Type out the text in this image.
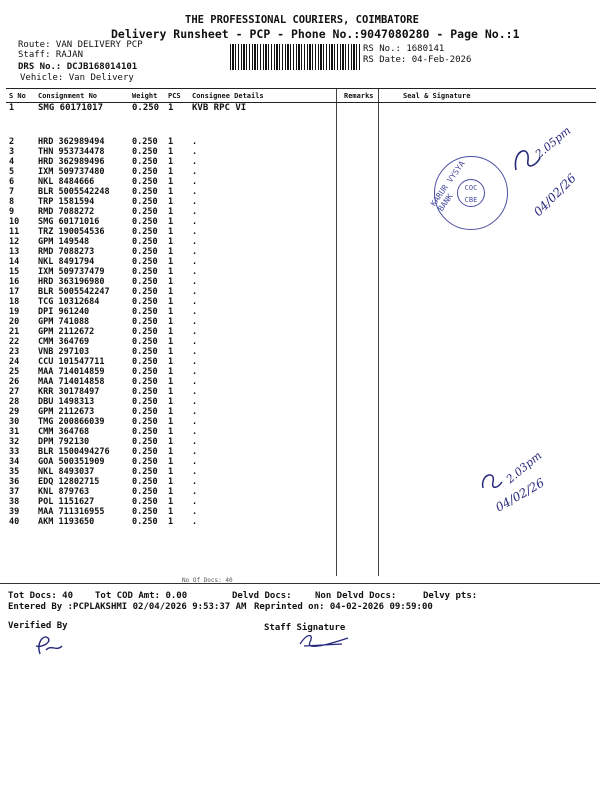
THE PROFESSIONAL COURIERS, COIMBATORE
Delivery Runsheet - PCP - Phone No.:9047080280 - Page No.:1
Route: VAN DELIVERY PCP
Staff: RAJAN
DRS No.: DCJB168014101
Vehicle: Van Delivery
RS No.: 1680141
RS Date: 04-Feb-2026
S No	Consignment No	Weight	PCS	Consignee Details	Remarks	Seal & Signature
1	SMG 60171017	0.250	1	KVB RPC VI		
2	HRD 362989494	0.250	1	.		
3	THN 953734478	0.250	1	.		
4	HRD 362989496	0.250	1	.		
5	IXM 509737480	0.250	1	.		
6	NKL 8484666	0.250	1	.		
7	BLR 5005542248	0.250	1	.		
8	TRP 1581594	0.250	1	.		
9	RMD 7088272	0.250	1	.		
10	SMG 60171016	0.250	1	.		
11	TRZ 190054536	0.250	1	.		
12	GPM 149548	0.250	1	.		
13	RMD 7088273	0.250	1	.		
14	NKL 8491794	0.250	1	.		
15	IXM 509737479	0.250	1	.		
16	HRD 363196980	0.250	1	.		
17	BLR 5005542247	0.250	1	.		
18	TCG 10312684	0.250	1	.		
19	DPI 961240	0.250	1	.		
20	GPM 741088	0.250	1	.		
21	GPM 2112672	0.250	1	.		
22	CMM 364769	0.250	1	.		
23	VNB 297103	0.250	1	.		
24	CCU 101547711	0.250	1	.		
25	MAA 714014859	0.250	1	.		
26	MAA 714014858	0.250	1	.		
27	KRR 30178497	0.250	1	.		
28	DBU 1498313	0.250	1	.		
29	GPM 2112673	0.250	1	.		
30	TMG 200866039	0.250	1	.		
31	CMM 364768	0.250	1	.		
32	DPM 792130	0.250	1	.		
33	BLR 1500494276	0.250	1	.		
34	GOA 500351909	0.250	1	.		
35	NKL 8493037	0.250	1	.		
36	EDQ 12802715	0.250	1	.		
37	KNL 879763	0.250	1	.		
38	POL 1151627	0.250	1	.		
39	MAA 711316955	0.250	1	.		
40	AKM 1193650	0.250	1	.		
KARUR VYSYA BANK
COC
CBE
2.05pm
04/02/26
2.03pm
04/02/26
No Of Docs: 40
Tot Docs: 40 Tot COD Amt: 0.00	Delvd Docs:	Non Delvd Docs:	Delvy pts:
Entered By :PCPLAKSHMI 02/04/2026 9:53:37 AM Reprinted on: 04-02-2026 09:59:00
Verified By	Staff Signature
